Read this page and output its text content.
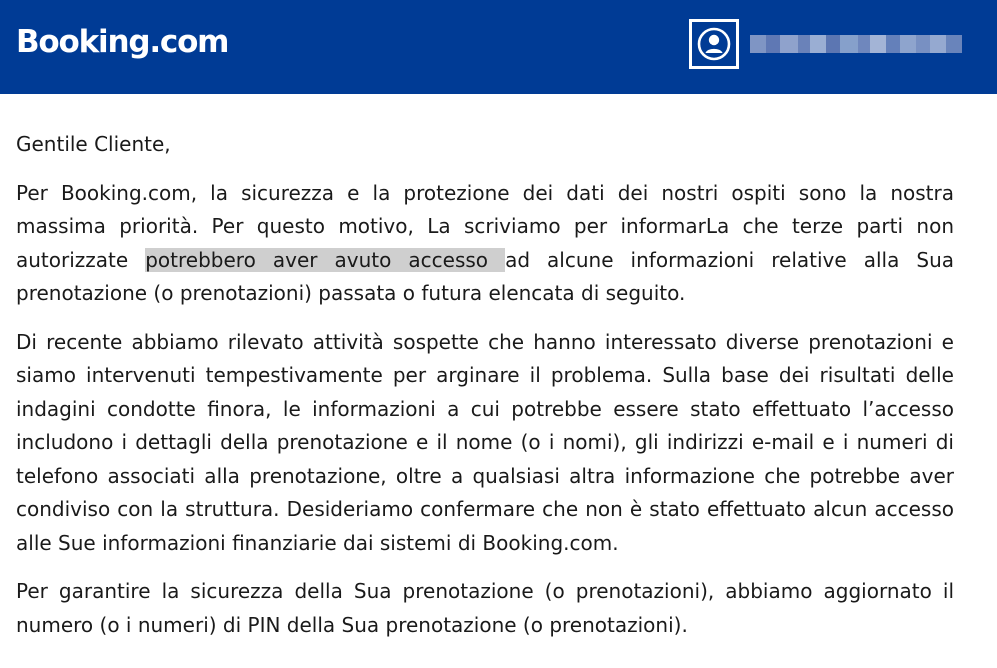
Booking.com

Gentile Cliente,

Per Booking.com, la sicurezza e la protezione dei dati dei nostri ospiti sono la nostra massima priorità. Per questo motivo, La scriviamo per informarLa che terze parti non autorizzate potrebbero aver avuto accesso ad alcune informazioni relative alla Sua prenotazione (o prenotazioni) passata o futura elencata di seguito.

Di recente abbiamo rilevato attività sospette che hanno interessato diverse prenotazioni e siamo intervenuti tempestivamente per arginare il problema. Sulla base dei risultati delle indagini condotte finora, le informazioni a cui potrebbe essere stato effettuato l’accesso includono i dettagli della prenotazione e il nome (o i nomi), gli indirizzi e-mail e i numeri di telefono associati alla prenotazione, oltre a qualsiasi altra informazione che potrebbe aver condiviso con la struttura. Desideriamo confermare che non è stato effettuato alcun accesso alle Sue informazioni finanziarie dai sistemi di Booking.com.

Per garantire la sicurezza della Sua prenotazione (o prenotazioni), abbiamo aggiornato il numero (o i numeri) di PIN della Sua prenotazione (o prenotazioni).
